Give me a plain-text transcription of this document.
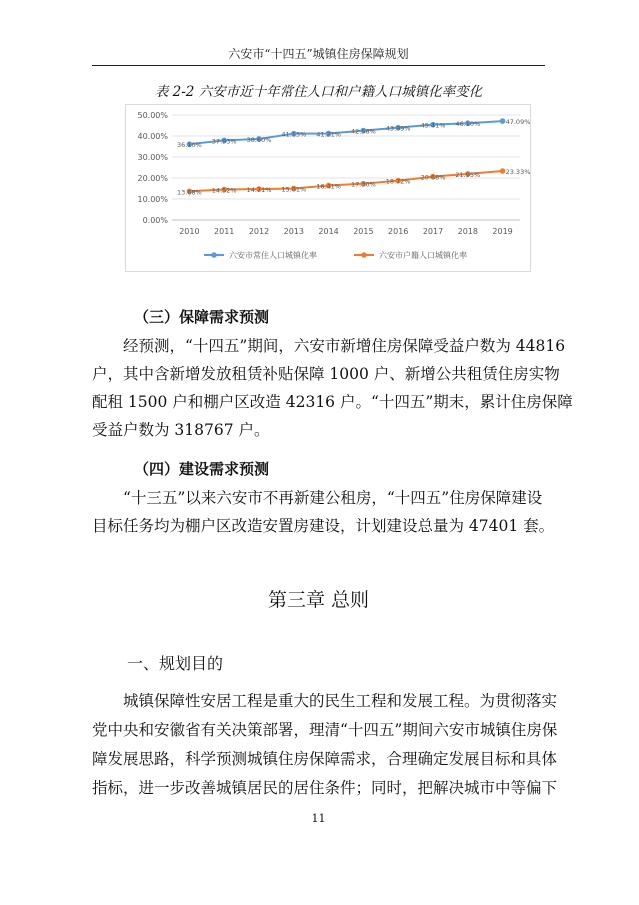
六安市“十四五”城镇住房保障规划
表 2-2 六安市近十年常住人口和户籍人口城镇化率变化
50.00%
40.00%
30.00%
20.00%
10.00%
0.00%
2010 2011 2012 2013 2014 2015 2016 2017 2018 2019
36.10% 37.93% 38.60%
41.13% 41.21% 42.58% 43.99% 45.41% 46.10%	47.09%
13.68% 14.52% 14.71% 15.01% 16.41% 17.30% 18.72%
20.68% 21.95%	23.33%
六安市常住人口城镇化率	六安市户籍人口城镇化率
（三）保障需求预测
经预测，“十四五”期间，六安市新增住房保障受益户数为 44816
户，其中含新增发放租赁补贴保障 1000 户、新增公共租赁住房实物
配租 1500 户和棚户区改造 42316 户。“十四五”期末，累计住房保障
受益户数为 318767 户。
（四）建设需求预测
“十三五”以来六安市不再新建公租房，“十四五”住房保障建设
目标任务均为棚户区改造安置房建设，计划建设总量为 47401 套。
第三章 总则
一、规划目的
城镇保障性安居工程是重大的民生工程和发展工程。为贯彻落实
党中央和安徽省有关决策部署，理清“十四五”期间六安市城镇住房保
障发展思路，科学预测城镇住房保障需求，合理确定发展目标和具体
指标，进一步改善城镇居民的居住条件；同时，把解决城市中等偏下
11
